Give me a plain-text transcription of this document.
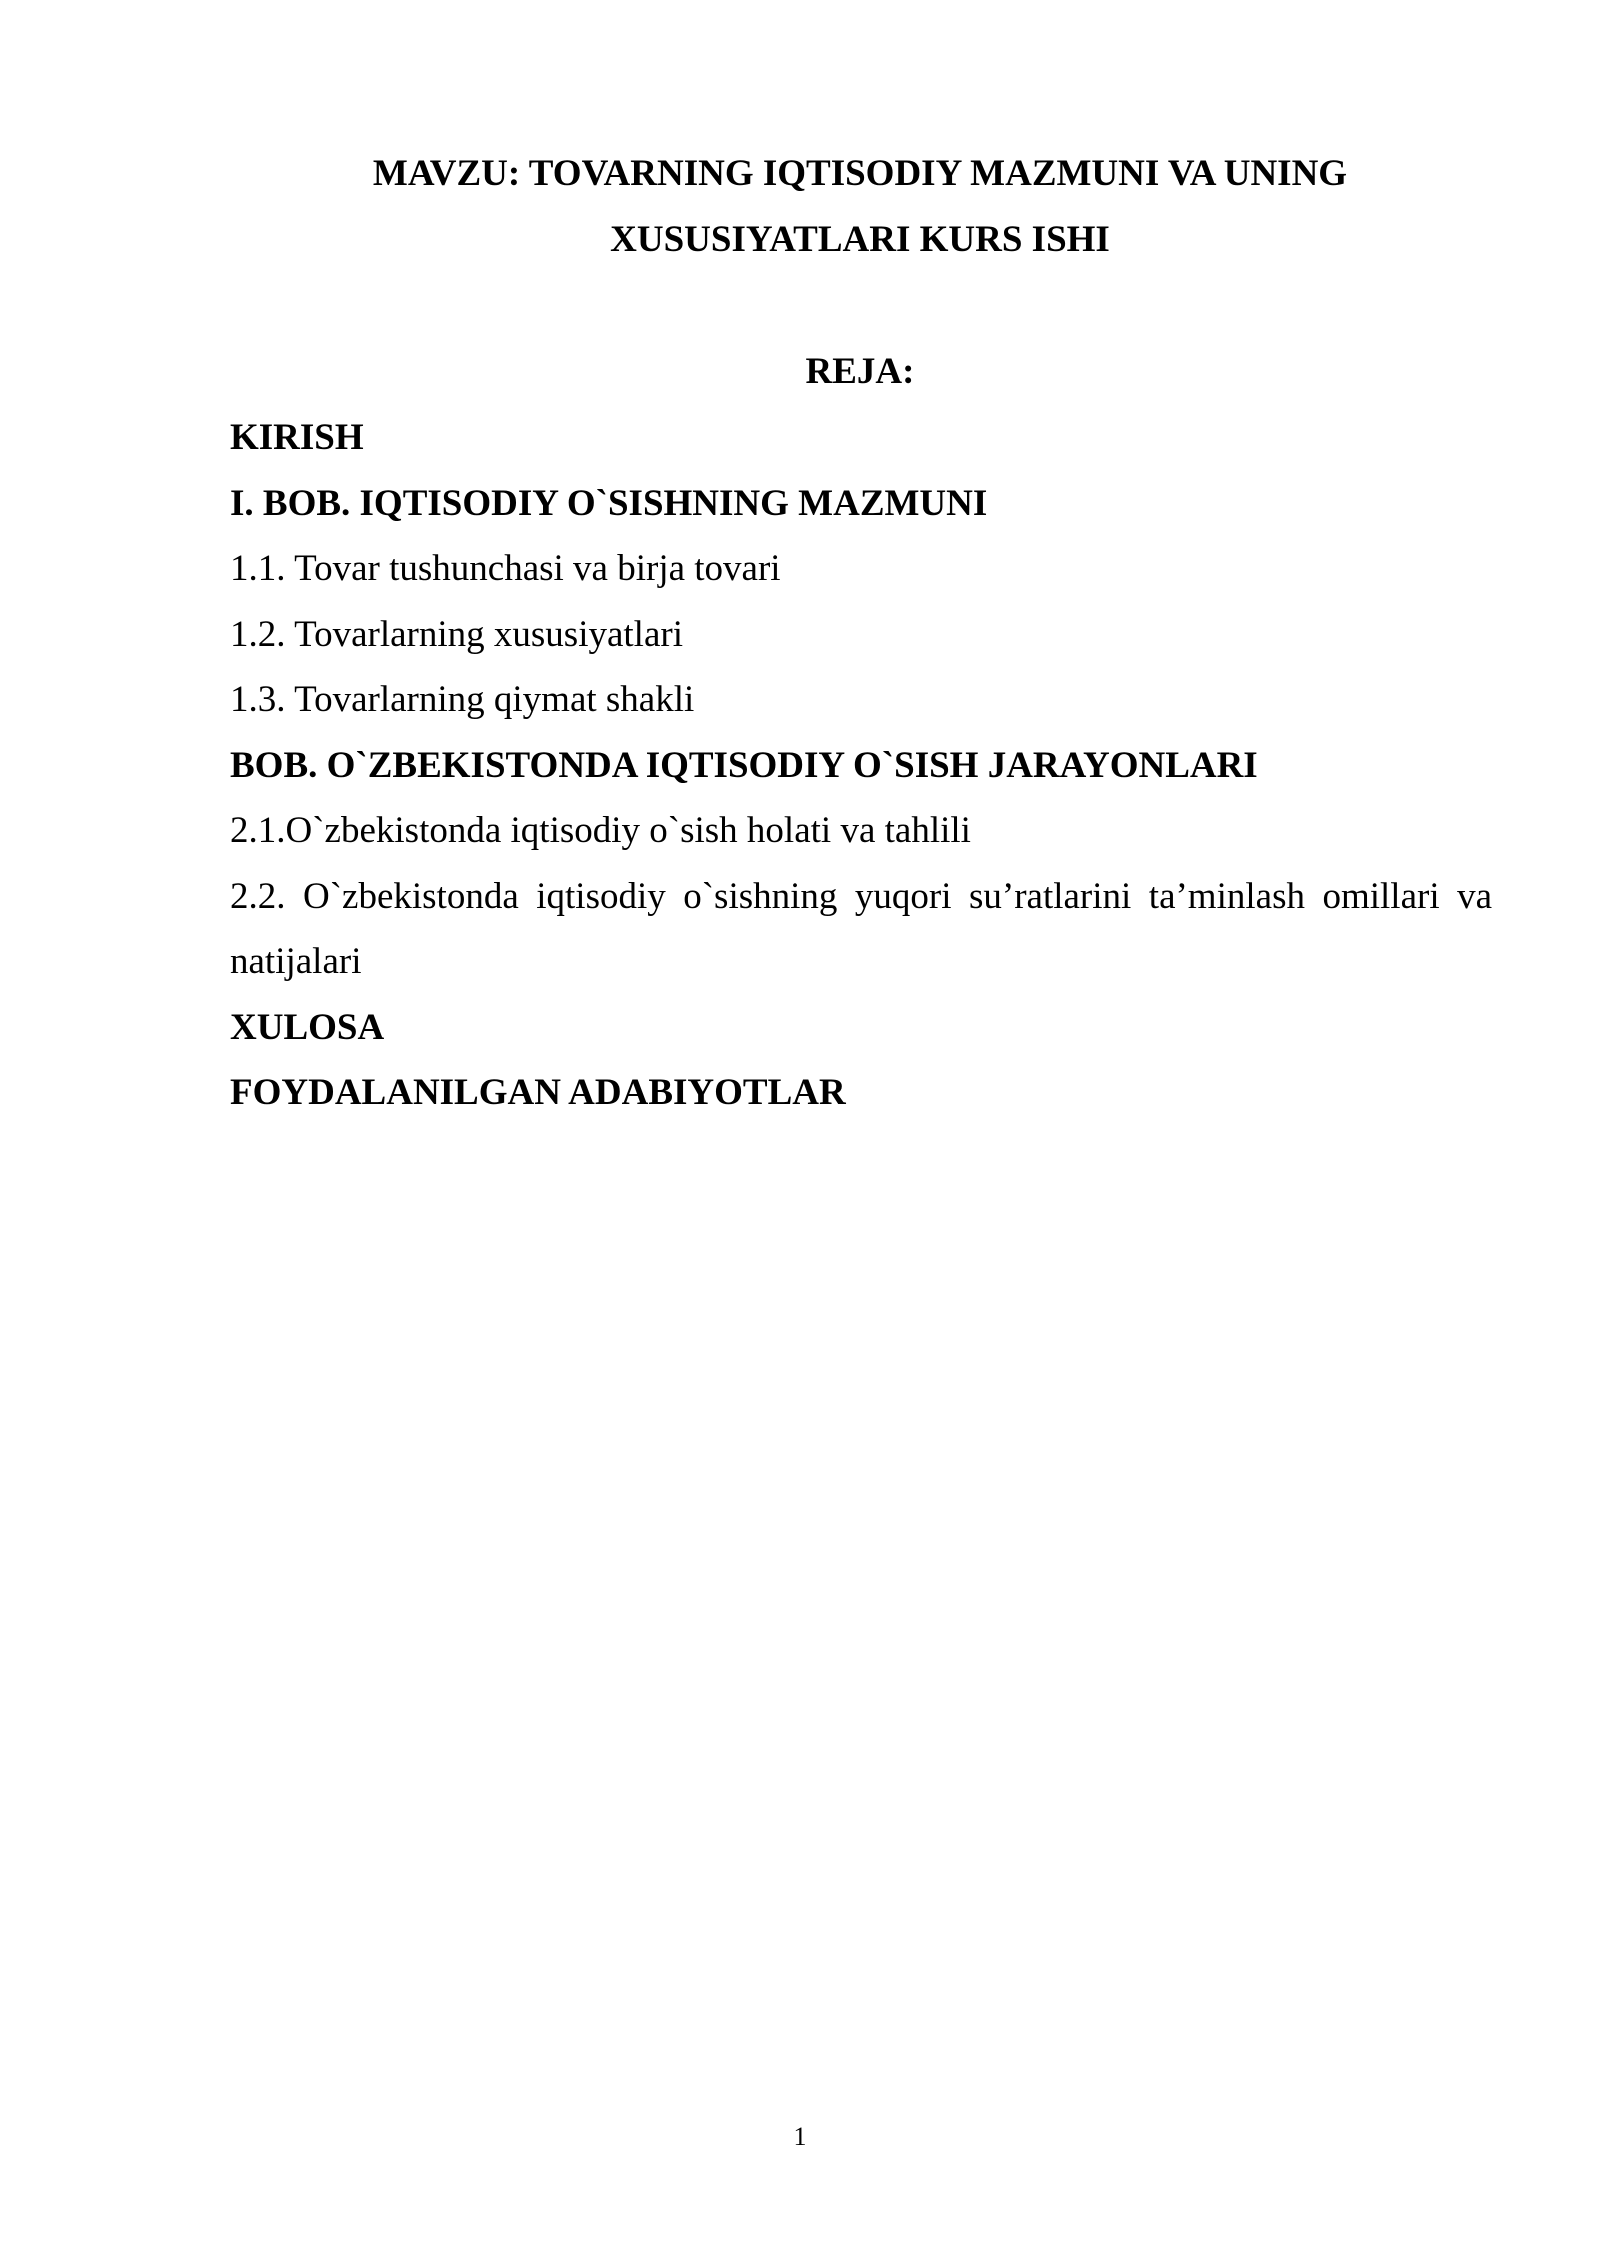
MAVZU: TOVARNING IQTISODIY MAZMUNI VA UNING XUSUSIYATLARI KURS ISHI
REJA:
KIRISH
I. BOB. IQTISODIY O`SISHNING MAZMUNI
1.1. Tovar tushunchasi va birja tovari
1.2. Tovarlarning xususiyatlari
1.3. Tovarlarning qiymat shakli
BOB. O`ZBEKISTONDA IQTISODIY O`SISH JARAYONLARI
2.1.O`zbekistonda iqtisodiy o`sish holati va tahlili
2.2. O`zbekistonda iqtisodiy o`sishning yuqori su’ratlarini ta’minlash omillari va natijalari
XULOSA
FOYDALANILGAN ADABIYOTLAR
1
